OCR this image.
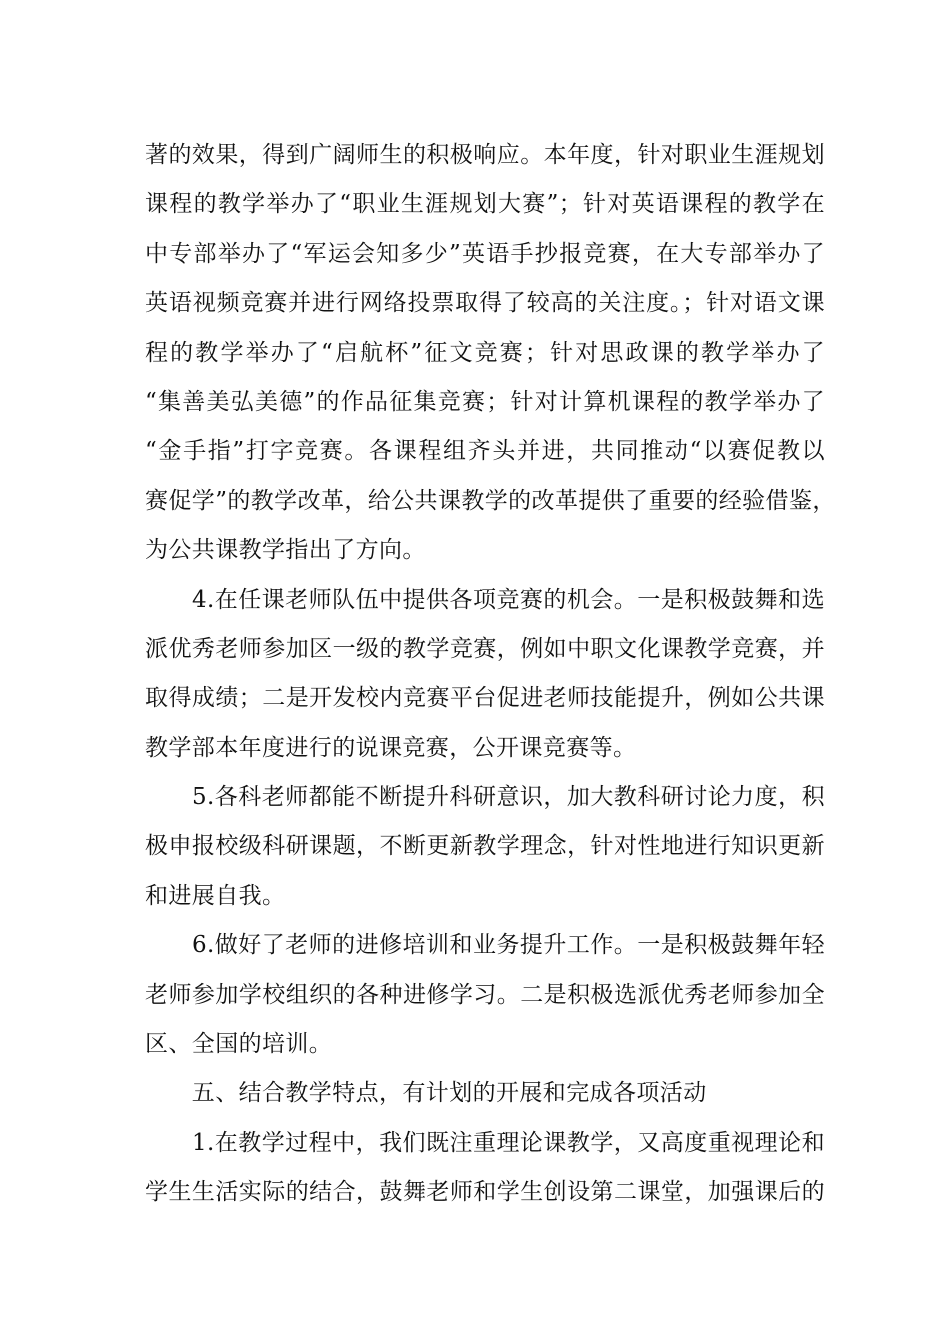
著的效果，得到广阔师生的积极响应。本年度，针对职业生涯规划
课程的教学举办了“职业生涯规划大赛”；针对英语课程的教学在
中专部举办了“军运会知多少”英语手抄报竞赛，在大专部举办了
英语视频竞赛并进行网络投票取得了较高的关注度。；针对语文课
程的教学举办了“启航杯”征文竞赛；针对思政课的教学举办了
“集善美弘美德”的作品征集竞赛；针对计算机课程的教学举办了
“金手指”打字竞赛。各课程组齐头并进，共同推动“以赛促教以
赛促学”的教学改革，给公共课教学的改革提供了重要的经验借鉴，
为公共课教学指出了方向。
　　4.在任课老师队伍中提供各项竞赛的机会。一是积极鼓舞和选
派优秀老师参加区一级的教学竞赛，例如中职文化课教学竞赛，并
取得成绩；二是开发校内竞赛平台促进老师技能提升，例如公共课
教学部本年度进行的说课竞赛，公开课竞赛等。
　　5.各科老师都能不断提升科研意识，加大教科研讨论力度，积
极申报校级科研课题，不断更新教学理念，针对性地进行知识更新
和进展自我。
　　6.做好了老师的进修培训和业务提升工作。一是积极鼓舞年轻
老师参加学校组织的各种进修学习。二是积极选派优秀老师参加全
区、全国的培训。
　　五、结合教学特点，有计划的开展和完成各项活动
　　1.在教学过程中，我们既注重理论课教学，又高度重视理论和
学生生活实际的结合，鼓舞老师和学生创设第二课堂，加强课后的
